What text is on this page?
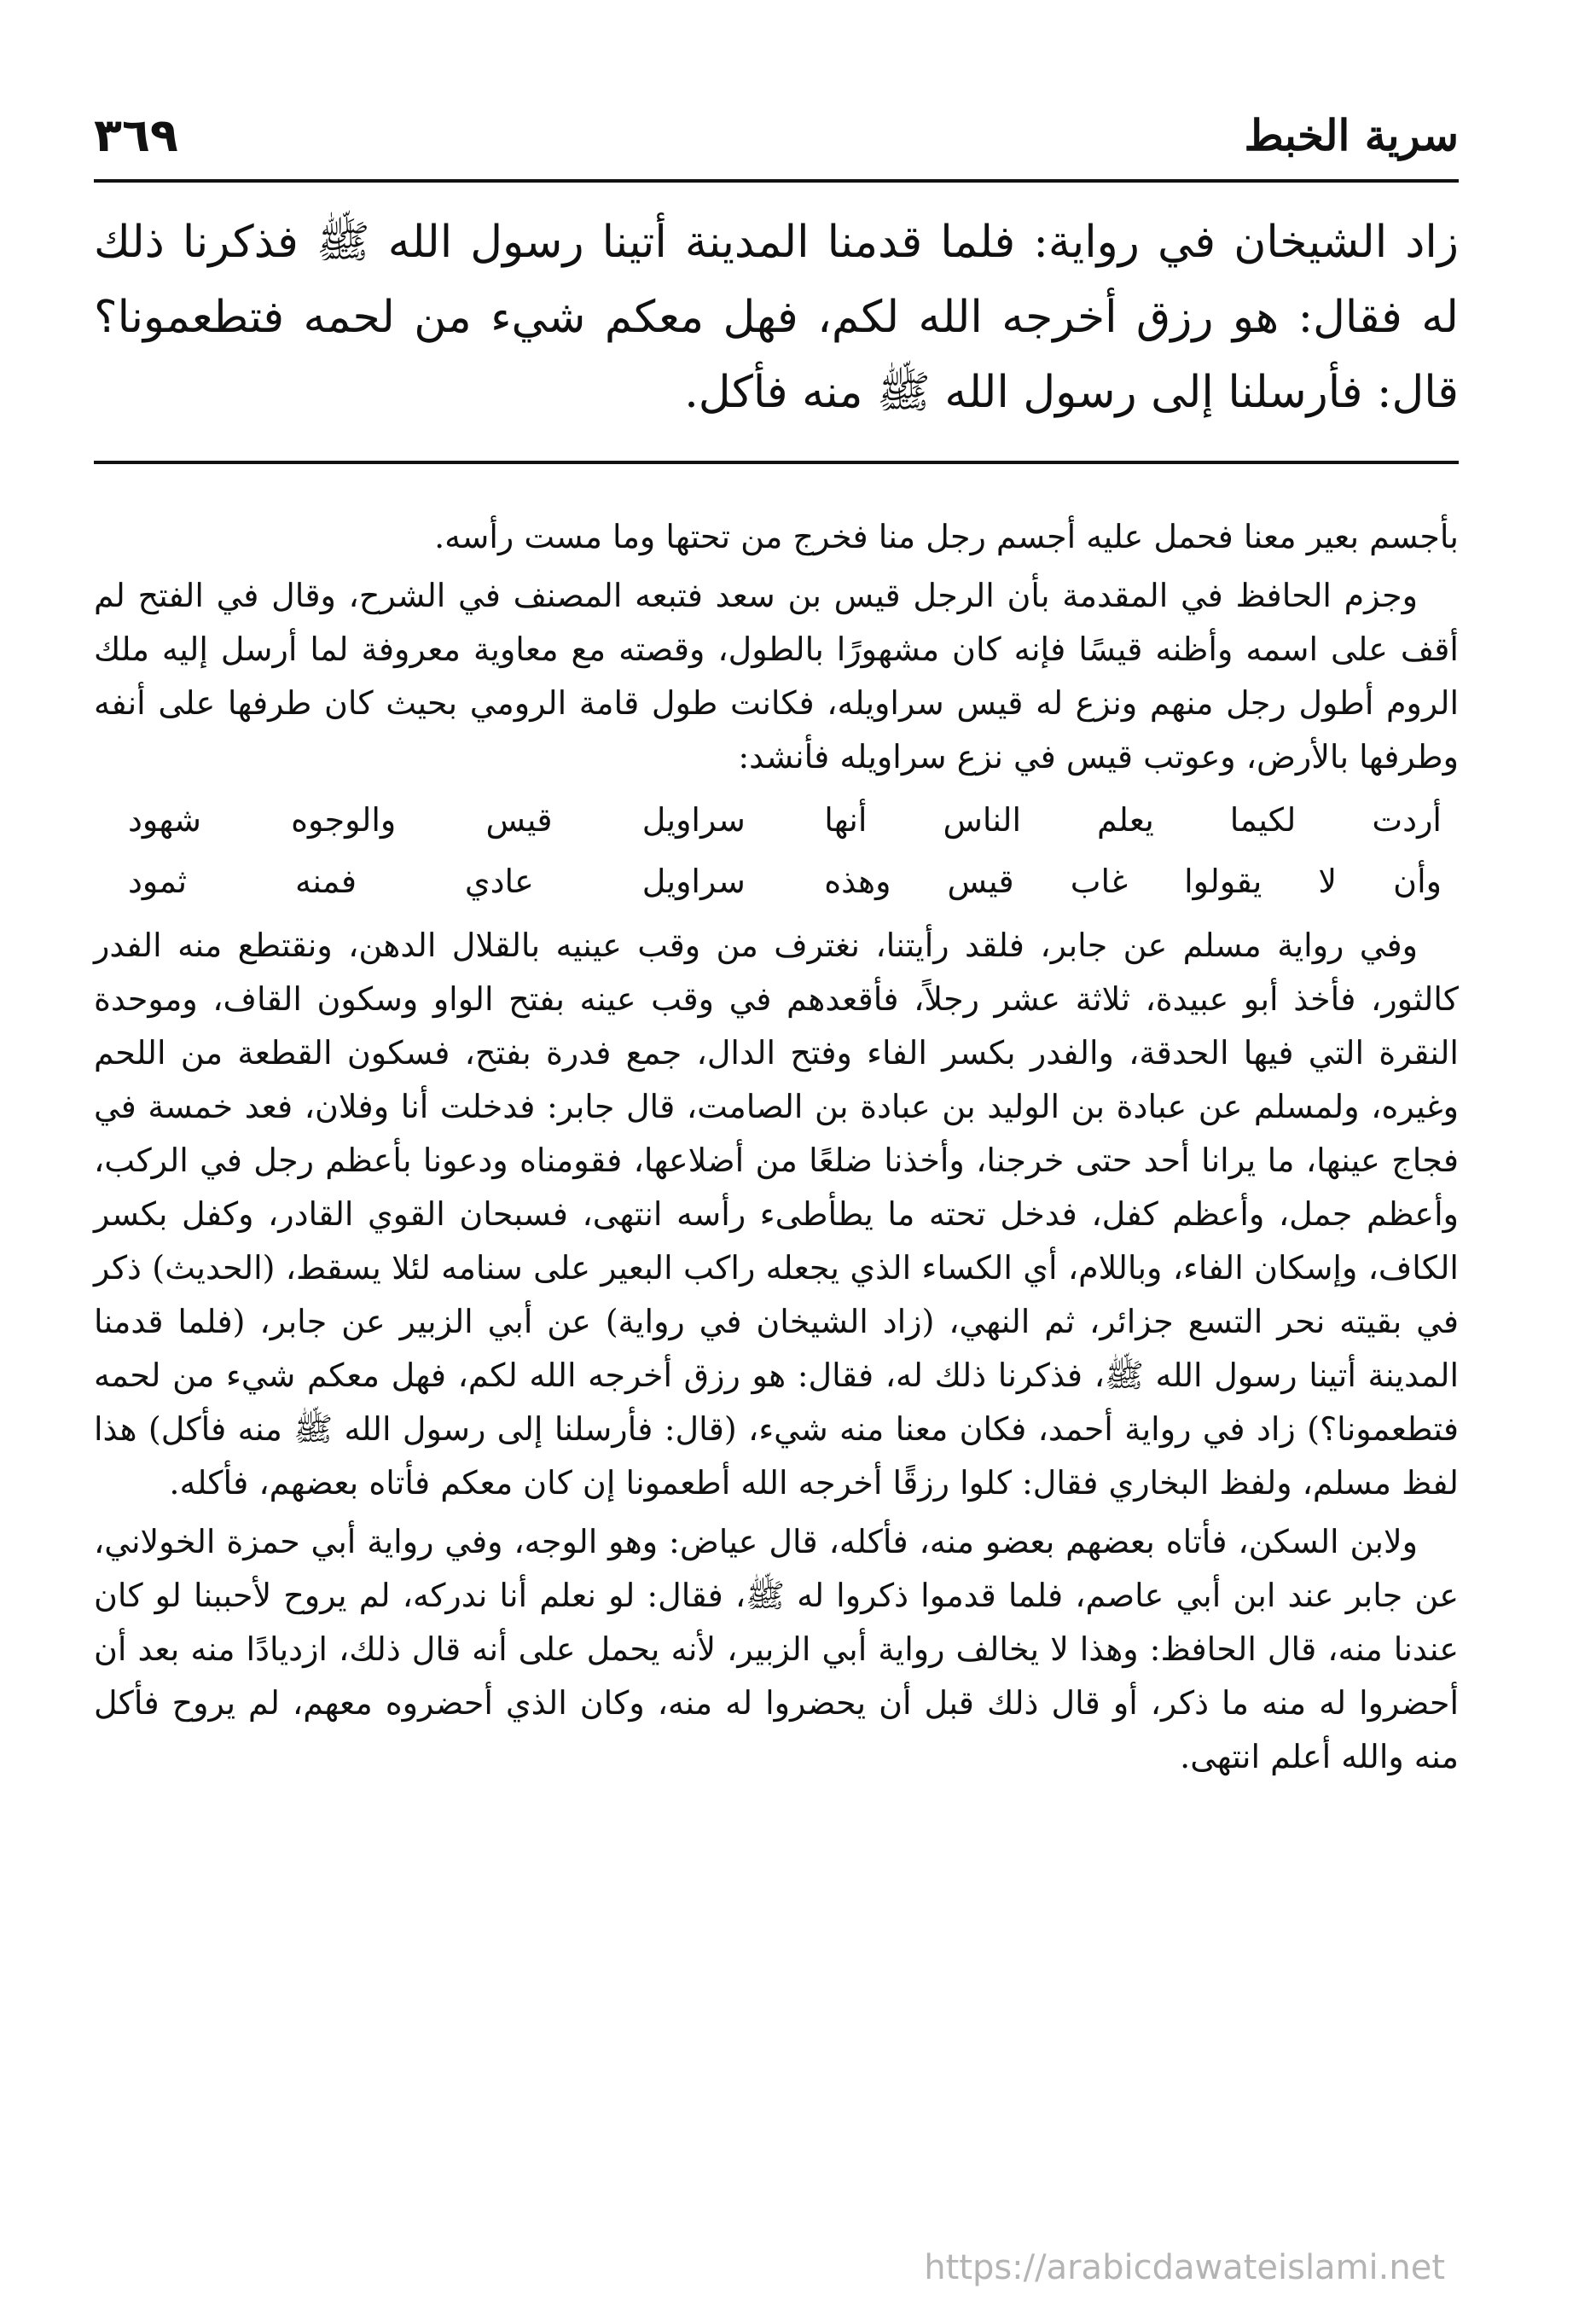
سرية الخبط
٣٦٩
زاد الشيخان في رواية: فلما قدمنا المدينة أتينا رسول الله ﷺ فذكرنا ذلك له فقال: هو رزق أخرجه الله لكم، فهل معكم شيء من لحمه فتطعمونا؟ قال: فأرسلنا إلى رسول الله ﷺ منه فأكل.

بأجسم بعير معنا فحمل عليه أجسم رجل منا فخرج من تحتها وما مست رأسه.

وجزم الحافظ في المقدمة بأن الرجل قيس بن سعد فتبعه المصنف في الشرح، وقال في الفتح لم أقف على اسمه وأظنه قيسًا فإنه كان مشهورًا بالطول، وقصته مع معاوية معروفة لما أرسل إليه ملك الروم أطول رجل منهم ونزع له قيس سراويله، فكانت طول قامة الرومي بحيث كان طرفها على أنفه وطرفها بالأرض، وعوتب قيس في نزع سراويله فأنشد:

أردت لكيما يعلم الناس أنها
سراويل قيس والوجوه شهود
وأن لا يقولوا غاب قيس وهذه
سراويل عادي فمنه ثمود

وفي رواية مسلم عن جابر، فلقد رأيتنا، نغترف من وقب عينيه بالقلال الدهن، ونقتطع منه الفدر كالثور، فأخذ أبو عبيدة، ثلاثة عشر رجلاً، فأقعدهم في وقب عينه بفتح الواو وسكون القاف، وموحدة النقرة التي فيها الحدقة، والفدر بكسر الفاء وفتح الدال، جمع فدرة بفتح، فسكون القطعة من اللحم وغيره، ولمسلم عن عبادة بن الوليد بن عبادة بن الصامت، قال جابر: فدخلت أنا وفلان، فعد خمسة في فجاج عينها، ما يرانا أحد حتى خرجنا، وأخذنا ضلعًا من أضلاعها، فقومناه ودعونا بأعظم رجل في الركب، وأعظم جمل، وأعظم كفل، فدخل تحته ما يطأطىء رأسه انتهى، فسبحان القوي القادر، وكفل بكسر الكاف، وإسكان الفاء، وباللام، أي الكساء الذي يجعله راكب البعير على سنامه لئلا يسقط، (الحديث) ذكر في بقيته نحر التسع جزائر، ثم النهي، (زاد الشيخان في رواية) عن أبي الزبير عن جابر، (فلما قدمنا المدينة أتينا رسول الله ﷺ، فذكرنا ذلك له، فقال: هو رزق أخرجه الله لكم، فهل معكم شيء من لحمه فتطعمونا؟) زاد في رواية أحمد، فكان معنا منه شيء، (قال: فأرسلنا إلى رسول الله ﷺ منه فأكل) هذا لفظ مسلم، ولفظ البخاري فقال: كلوا رزقًا أخرجه الله أطعمونا إن كان معكم فأتاه بعضهم، فأكله.

ولابن السكن، فأتاه بعضهم بعضو منه، فأكله، قال عياض: وهو الوجه، وفي رواية أبي حمزة الخولاني، عن جابر عند ابن أبي عاصم، فلما قدموا ذكروا له ﷺ، فقال: لو نعلم أنا ندركه، لم يروح لأحببنا لو كان عندنا منه، قال الحافظ: وهذا لا يخالف رواية أبي الزبير، لأنه يحمل على أنه قال ذلك، ازديادًا منه بعد أن أحضروا له منه ما ذكر، أو قال ذلك قبل أن يحضروا له منه، وكان الذي أحضروه معهم، لم يروح فأكل منه والله أعلم انتهى.

https://arabicdawateislami.net
